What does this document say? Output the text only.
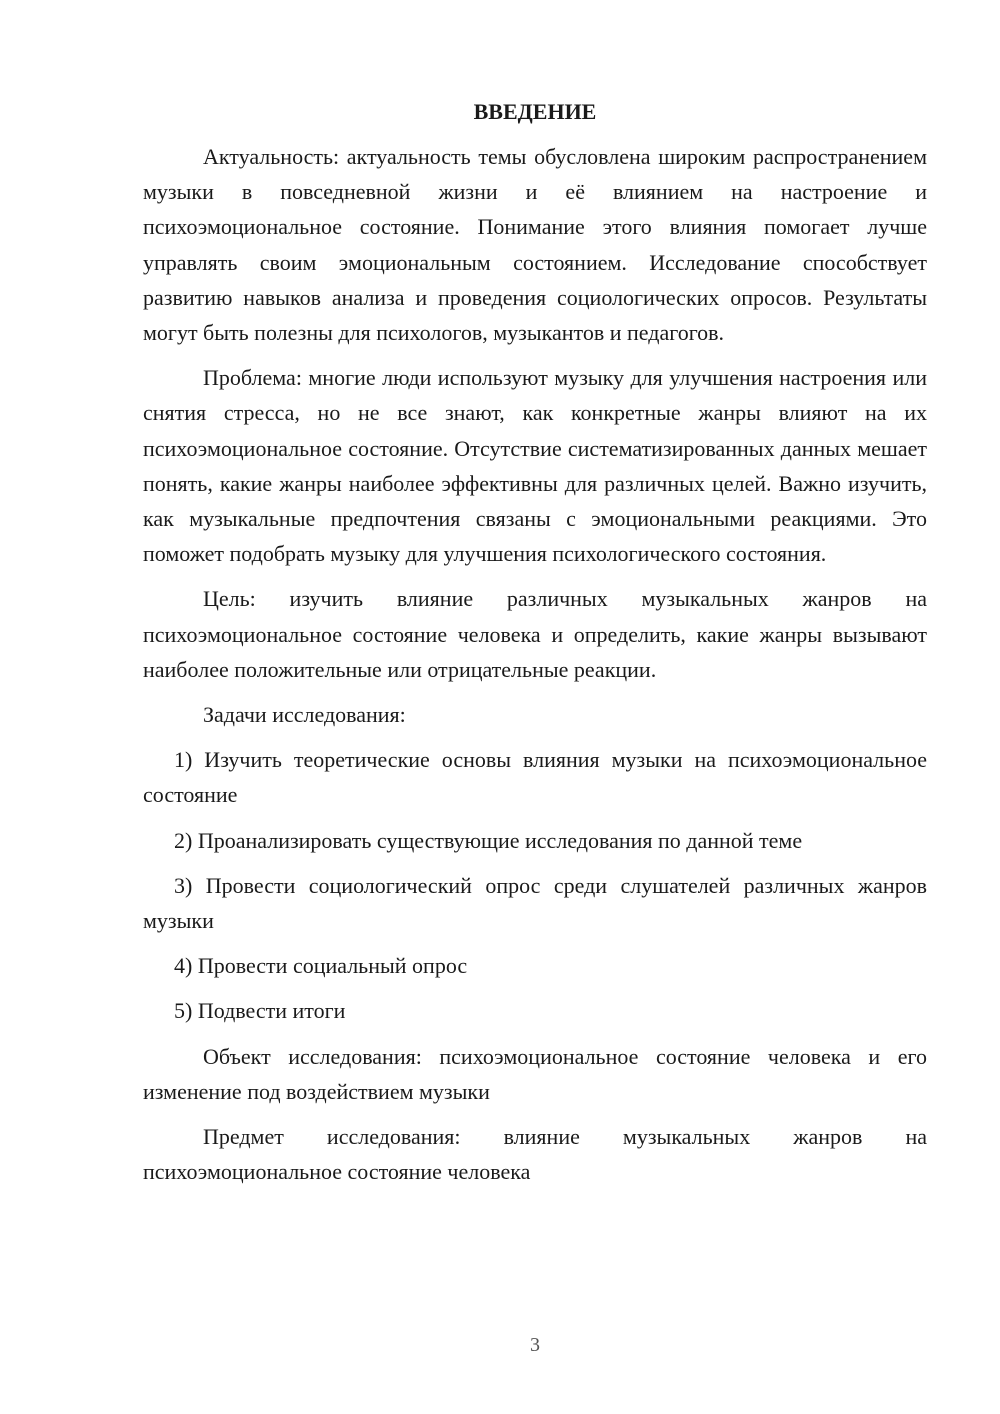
ВВЕДЕНИЕ

Актуальность: актуальность темы обусловлена широким распространением музыки в повседневной жизни и её влиянием на настроение и психоэмоциональное состояние. Понимание этого влияния помогает лучше управлять своим эмоциональным состоянием. Исследование способствует развитию навыков анализа и проведения социологических опросов. Результаты могут быть полезны для психологов, музыкантов и педагогов.

Проблема: многие люди используют музыку для улучшения настроения или снятия стресса, но не все знают, как конкретные жанры влияют на их психоэмоциональное состояние. Отсутствие систематизированных данных мешает понять, какие жанры наиболее эффективны для различных целей. Важно изучить, как музыкальные предпочтения связаны с эмоциональными реакциями. Это поможет подобрать музыку для улучшения психологического состояния.

Цель: изучить влияние различных музыкальных жанров на психоэмоциональное состояние человека и определить, какие жанры вызывают наиболее положительные или отрицательные реакции.

Задачи исследования:

1) Изучить теоретические основы влияния музыки на психоэмоциональное состояние

2) Проанализировать существующие исследования по данной теме

3) Провести социологический опрос среди слушателей различных жанров музыки

4) Провести социальный опрос

5) Подвести итоги

Объект исследования: психоэмоциональное состояние человека и его изменение под воздействием музыки

Предмет исследования: влияние музыкальных жанров на психоэмоциональное состояние человека

3
